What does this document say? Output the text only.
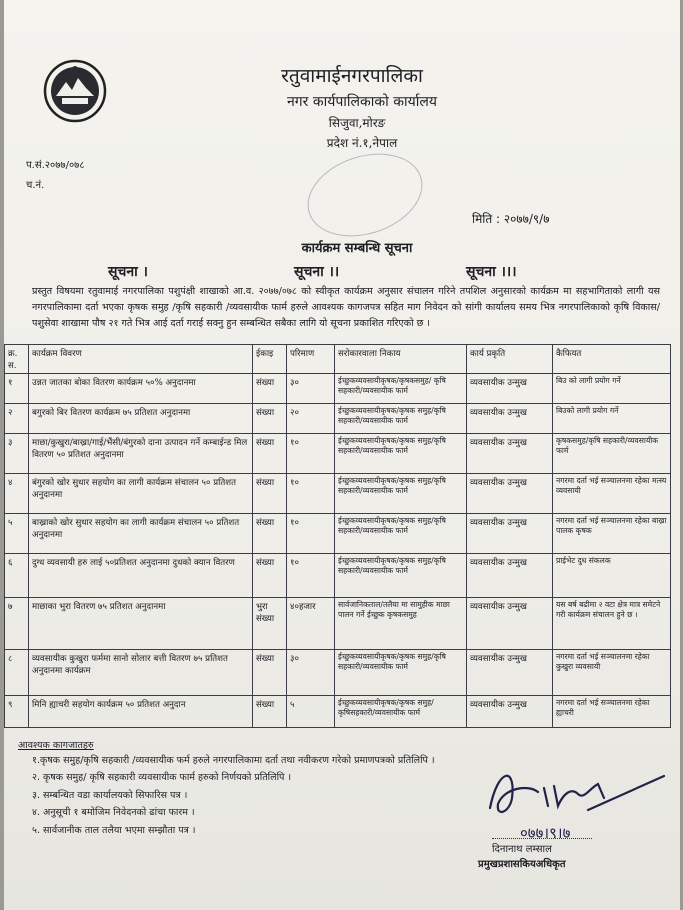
रतुवामाईनगरपालिका
नगर कार्यपालिकाको कार्यालय
सिजुवा,मोरङ
प्रदेश नं.१,नेपाल
प.सं.२०७७/०७८
च.नं.
मिति : २०७७/९/७
कार्यक्रम सम्बन्धि सूचना
सूचना ।	सूचना ।।	सूचना ।।।
प्रस्तुत विषयमा रतुवामाई नगरपालिका पशुपंक्षी शाखाको आ.व. २०७७/०७८ को स्वीकृत कार्यक्रम अनुसार संचालन गरिने तपशिल अनुसारको कार्यक्रम मा सहभागिताको लागी यस नगरपालिकामा दर्ता भएका कृषक समुह /कृषि सहकारी /व्यवसायीक फार्म हरुले आवश्यक कागजपत्र सहित माग निवेदन को सांगी कार्यालय समय भित्र नगरपालिकाको कृषि विकास/पशुसेवा शाखामा पौष २१ गते भित्र आई दर्ता गराई सक्नु हुन सम्बन्धित सबैका लागि यो सूचना प्रकाशित गरिएको छ ।
क्र. स.	कार्यक्रम विवरण	ईकाइ	परिमाण	सरोकारवाला निकाय	कार्य प्रकृति	कैफियत
१	उन्नत जातका बोका वितरण कार्यक्रम ५०% अनुदानमा	संख्या	३०	ईच्छुकव्यवसायीकृषक/कृषकसमुह/ कृषि सहकारी/व्यवसायीक फार्म	व्यवसायीक उन्मुख	बिउ को लागी प्रयोग गर्ने
२	बगुरको बिर वितरण कार्यक्रम ७५ प्रतिशत अनुदानमा	संख्या	२०	ईच्छुकव्यवसायीकृषक/कृषक समुह/कृषि सहकारी/व्यवसायीक फार्म	व्यवसायीक उन्मुख	बिउको लागी प्रयोग गर्ने
३	माछा/कुखुरा/बाख्रा/गाई/भैंसी/बंगुरको दाना उत्पादन गर्ने कम्बाईन्ड मिल वितरण ५० प्रतिशत अनुदानमा	संख्या	१०	ईच्छुकव्यवसायीकृषक/कृषक समुह/कृषि सहकारी/व्यवसायीक फार्म	व्यवसायीक उन्मुख	कृषकसमुह/कृषि सहकारी/व्यवसायीक फार्म
४	बंगुरको खोर सुधार सहयोग का लागी कार्यक्रम संचालन ५० प्रतिशत अनुदानमा	संख्या	१०	ईच्छुकव्यवसायीकृषक/कृषक समुह/कृषि सहकारी/व्यवसायीक फार्म	व्यवसायीक उन्मुख	नगरमा दर्ता भई सञ्चालनमा रहेका मत्स्य व्यवसायी
५	बाख्राको खोर सुधार सहयोग का लागी कार्यक्रम संचालन ५० प्रतिशत अनुदानमा	संख्या	१०	ईच्छुकव्यवसायीकृषक/कृषक समुह/कृषि सहकारी/व्यवसायीक फार्म	व्यवसायीक उन्मुख	नगरमा दर्ता भई सञ्चालनमा रहेका बाख्रा पालक कृषक
६	दुग्ध व्यवसायी हरु लाई ५०प्रतिशत अनुदानमा दुधको क्यान वितरण	संख्या	१०	ईच्छुकव्यवसायीकृषक/कृषक समुह/कृषि सहकारी/व्यवसायीक फार्म	व्यवसायीक उन्मुख	प्राईभेट दुध संकलक
७	माछाका भुरा वितरण ७५ प्रतिशत अनुदानमा	भुरा संख्या	४०हजार	सार्वजानिकताल/तलैया मा सामुहीक माछा पालन गर्ने ईच्छुक कृषकसमुह	व्यवसायीक उन्मुख	यस बर्ष बढीमा २ वटा क्षेत्र मात्र समेटने गरी कार्यक्रम संचालन हुने छ ।
८	व्यवसायीक कुखुरा फर्ममा सानो सोलार बत्ती वितरण ७५ प्रतिशत अनुदानमा कार्यक्रम	संख्या	३०	ईच्छुकव्यवसायीकृषक/कृषक समुह/कृषि सहकारी/व्यवसायीक फार्म	व्यवसायीक उन्मुख	नगरमा दर्ता भई सञ्चालनमा रहेका कुखुरा व्यवसायी
९	मिनि ह्याचरी सहयोग कार्यक्रम ५० प्रतिशत अनुदान	संख्या	५	ईच्छुकव्यवसायीकृषक/कृषक समुह/कृषिसहकारी/व्यवसायीक फार्म	व्यवसायीक उन्मुख	नगरमा दर्ता भई सञ्चालनमा रहेका ह्याचरी
आवश्यक कागजातहरु
१.कृषक समुह/कृषि सहकारी /व्यवसायीक फर्म हरुले नगरपालिकामा दर्ता तथा नवीकरण गरेको प्रमाणपत्रको प्रतिलिपि ।
२. कृषक समुह/ कृषि सहकारी व्यवसायीक फार्म हरुको निर्णयको प्रतिलिपि ।
३. सम्बन्धित वडा कार्यालयको सिफारिस पत्र ।
४. अनुसूची १ बमोजिम निवेदनको ढांचा फारम ।
५. सार्वजानीक ताल तलैया भएमा सम्झौता पत्र ।	०७७।९।७
दिनानाथ लम्साल
प्रमुखप्रशासकियअधिकृत
